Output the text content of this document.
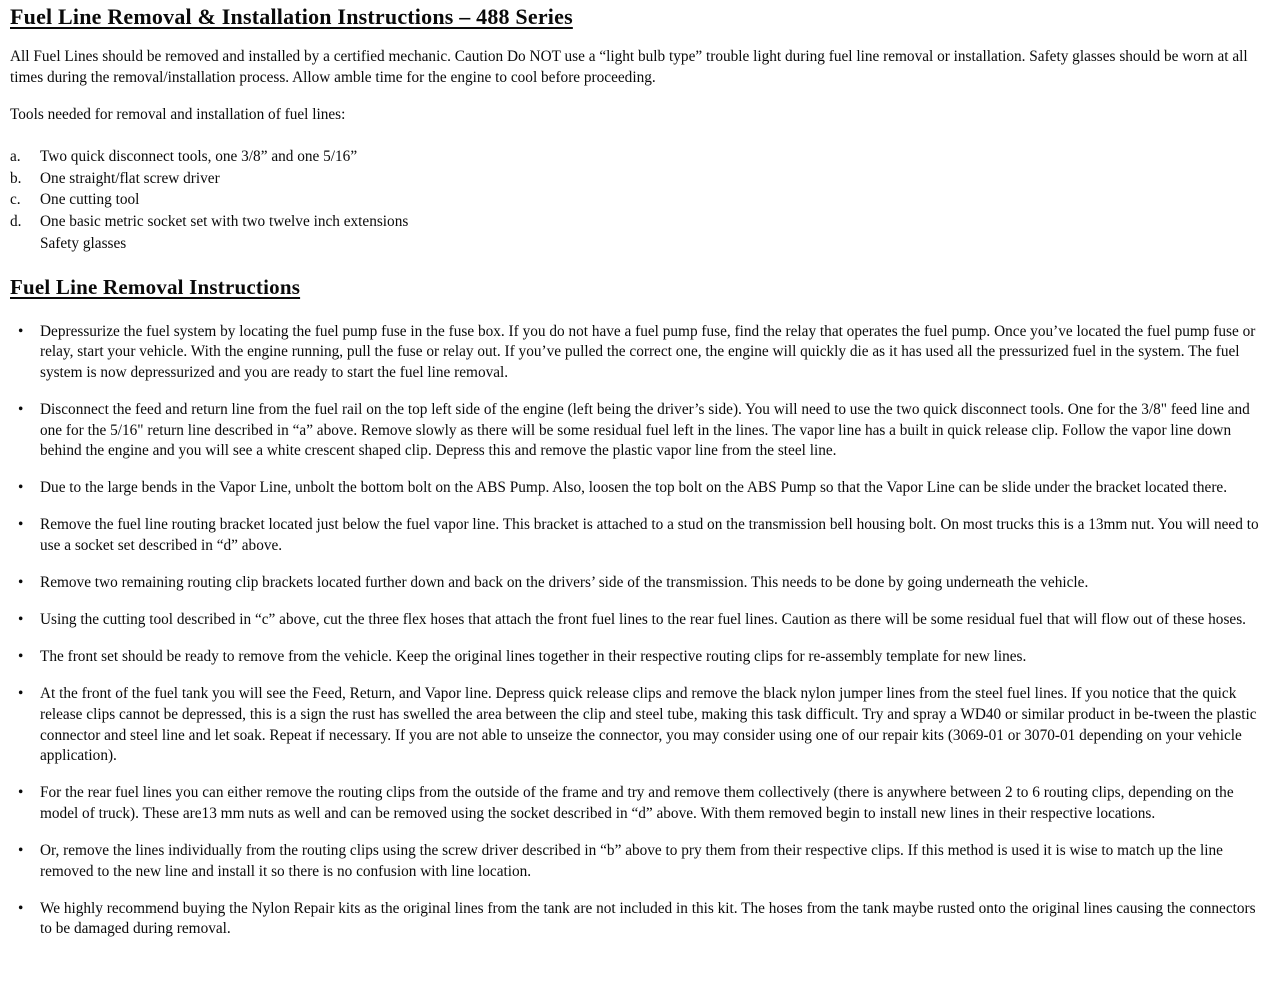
Fuel Line Removal & Installation Instructions – 488 Series

All Fuel Lines should be removed and installed by a certified mechanic. Caution Do NOT use a “light bulb type” trouble light during fuel line removal or installation. Safety glasses should be worn at all times during the removal/installation process. Allow amble time for the engine to cool before proceeding.

Tools needed for removal and installation of fuel lines:

a. Two quick disconnect tools, one 3/8” and one 5/16”
b. One straight/flat screw driver
c. One cutting tool
d. One basic metric socket set with two twelve inch extensions
Safety glasses
Fuel Line Removal Instructions
•
Depressurize the fuel system by locating the fuel pump fuse in the fuse box. If you do not have a fuel pump fuse, find the relay that operates the fuel pump. Once you’ve located the fuel pump fuse or relay, start your vehicle. With the engine running, pull the fuse or relay out. If you’ve pulled the correct one, the engine will quickly die as it has used all the pressurized fuel in the system. The fuel system is now depressurized and you are ready to start the fuel line removal.
•
Disconnect the feed and return line from the fuel rail on the top left side of the engine (left being the driver’s side). You will need to use the two quick disconnect tools. One for the 3/8" feed line and one for the 5/16" return line described in “a” above. Remove slowly as there will be some residual fuel left in the lines. The vapor line has a built in quick release clip. Follow the vapor line down behind the engine and you will see a white crescent shaped clip. Depress this and remove the plastic vapor line from the steel line.
•
Due to the large bends in the Vapor Line, unbolt the bottom bolt on the ABS Pump. Also, loosen the top bolt on the ABS Pump so that the Vapor Line can be slide under the bracket located there.
•
Remove the fuel line routing bracket located just below the fuel vapor line. This bracket is attached to a stud on the transmission bell housing bolt. On most trucks this is a 13mm nut. You will need to use a socket set described in “d” above.
•
Remove two remaining routing clip brackets located further down and back on the drivers’ side of the transmission. This needs to be done by going underneath the vehicle.
•
Using the cutting tool described in “c” above, cut the three flex hoses that attach the front fuel lines to the rear fuel lines. Caution as there will be some residual fuel that will flow out of these hoses.
•
The front set should be ready to remove from the vehicle. Keep the original lines together in their respective routing clips for re-assembly template for new lines.
•
At the front of the fuel tank you will see the Feed, Return, and Vapor line. Depress quick release clips and remove the black nylon jumper lines from the steel fuel lines. If you notice that the quick release clips cannot be depressed, this is a sign the rust has swelled the area between the clip and steel tube, making this task difficult. Try and spray a WD40 or similar product in be-tween the plastic connector and steel line and let soak. Repeat if necessary. If you are not able to unseize the connector, you may consider using one of our repair kits (3069-01 or 3070-01 depending on your vehicle application).
•
For the rear fuel lines you can either remove the routing clips from the outside of the frame and try and remove them collectively (there is anywhere between 2 to 6 routing clips, depending on the model of truck). These are13 mm nuts as well and can be removed using the socket described in “d” above. With them removed begin to install new lines in their respective locations.
•
Or, remove the lines individually from the routing clips using the screw driver described in “b” above to pry them from their respective clips. If this method is used it is wise to match up the line removed to the new line and install it so there is no confusion with line location.
•
We highly recommend buying the Nylon Repair kits as the original lines from the tank are not included in this kit. The hoses from the tank maybe rusted onto the original lines causing the connectors to be damaged during removal.
